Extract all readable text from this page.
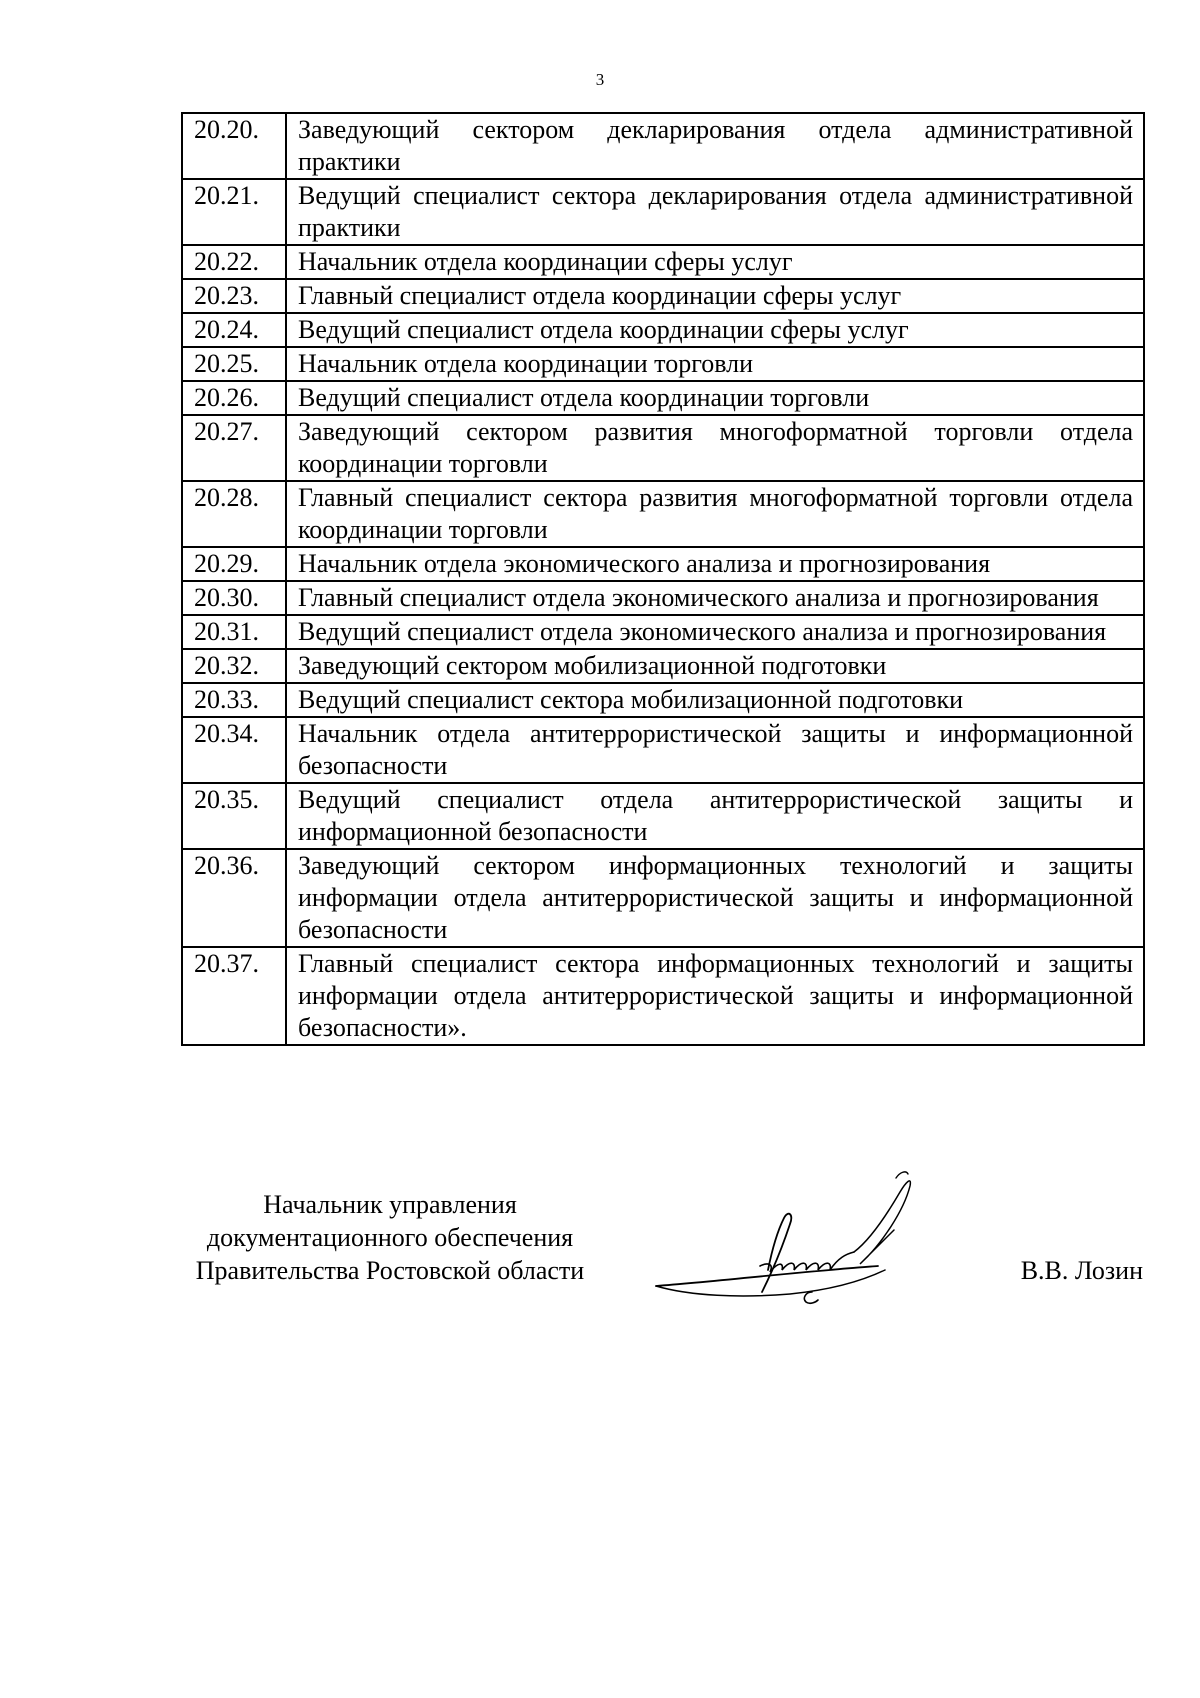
3
20.20.	Заведующий сектором декларирования отдела административной практики
20.21.	Ведущий специалист сектора декларирования отдела административной практики
20.22.	Начальник отдела координации сферы услуг
20.23.	Главный специалист отдела координации сферы услуг
20.24.	Ведущий специалист отдела координации сферы услуг
20.25.	Начальник отдела координации торговли
20.26.	Ведущий специалист отдела координации торговли
20.27.	Заведующий сектором развития многоформатной торговли отдела координации торговли
20.28.	Главный специалист сектора развития многоформатной торговли отдела координации торговли
20.29.	Начальник отдела экономического анализа и прогнозирования
20.30.	Главный специалист отдела экономического анализа и прогнозирования
20.31.	Ведущий специалист отдела экономического анализа и прогнозирования
20.32.	Заведующий сектором мобилизационной подготовки
20.33.	Ведущий специалист сектора мобилизационной подготовки
20.34.	Начальник отдела антитеррористической защиты и информационной безопасности
20.35.	Ведущий специалист отдела антитеррористической защиты и информационной безопасности
20.36.	Заведующий сектором информационных технологий и защиты информации отдела антитеррористической защиты и информационной безопасности
20.37.	Главный специалист сектора информационных технологий и защиты информации отдела антитеррористической защиты и информационной безопасности».
Начальник управления
документационного обеспечения
Правительства Ростовской области	В.В. Лозин
